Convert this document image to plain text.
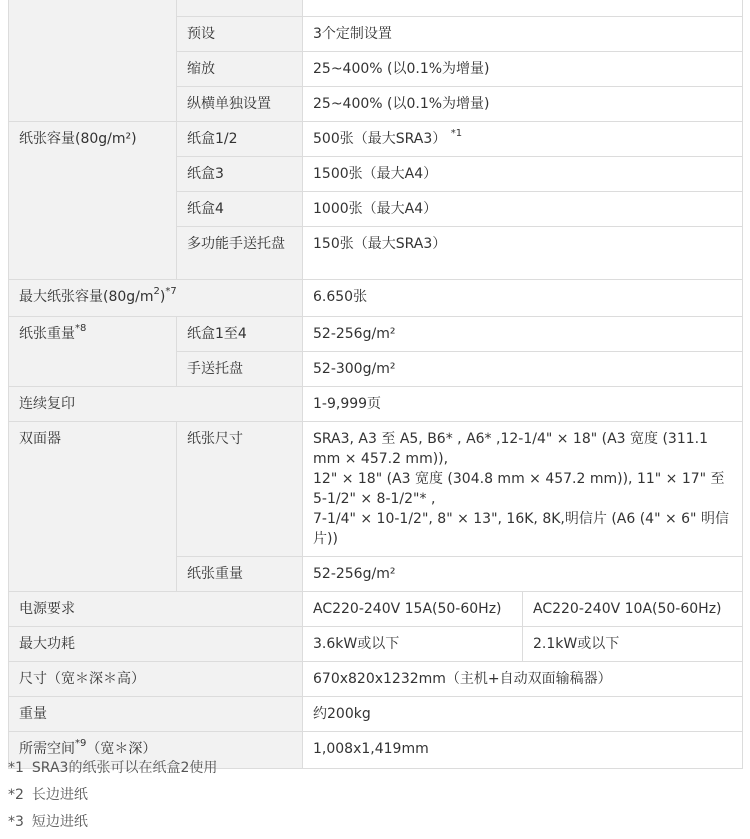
	预设	3个定制设置	
	缩放	25~400% (以0.1%为增量)	
	纵横单独设置	25~400% (以0.1%为增量)	
纸张容量(80g/m²)	纸盒1/2	500张（最大SRA3） $^{*1}$
	纸盒3	1500张（最大A4）	
	纸盒4	1000张（最大A4）	
	多功能手送托盘	150张（最大SRA3）	
最大纸张容量$(80g/m^2)^{*7}$		6.650张	
纸张重量$^{*8}$	纸盒1至4	52-256g/m²	
	手送托盘	52-300g/m²	
连续复印		1-9,999页	
双面器	纸张尺寸	SRA3, A3 至 A5, B6* , A6* ,12-1/4" × 18" (A3 宽度 (311.1 mm × 457.2 mm)),
12" × 18" (A3 宽度 (304.8 mm × 457.2 mm)), 11" × 17" 至 5-1/2" × 8-1/2"* ,
7-1/4" × 10-1/2", 8" × 13", 16K, 8K,明信片 (A6 (4" × 6" 明信片))	

	纸张重量	52-256g/m²	
电源要求		AC220-240V 15A(50-60Hz)	AC220-240V 10A(50-60Hz)
最大功耗		3.6kW或以下	2.1kW或以下
尺寸（宽＊深＊高）		670x820x1232mm（主机+自动双面输稿器）	
重量		约200kg	
所需空间$^{*9}$（宽＊深）		1,008x1,419mm	
*1 SRA3的纸张可以在纸盒2使用
*2 长边进纸
*3 短边进纸
